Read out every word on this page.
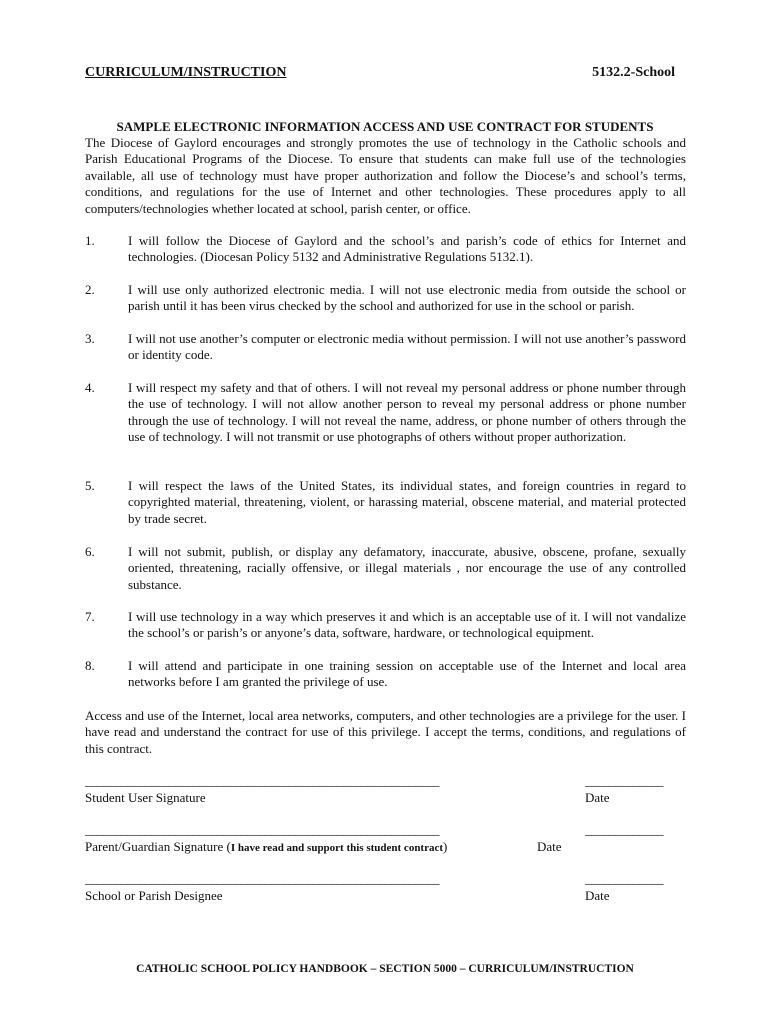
CURRICULUM/INSTRUCTION	5132.2-School
SAMPLE ELECTRONIC INFORMATION ACCESS AND USE CONTRACT FOR STUDENTS
The Diocese of Gaylord encourages and strongly promotes the use of technology in the Catholic schools and Parish Educational Programs of the Diocese. To ensure that students can make full use of the technologies available, all use of technology must have proper authorization and follow the Diocese’s and school’s terms, conditions, and regulations for the use of Internet and other technologies. These procedures apply to all computers/technologies whether located at school, parish center, or office.
1.	I will follow the Diocese of Gaylord and the school’s and parish’s code of ethics for Internet and technologies. (Diocesan Policy 5132 and Administrative Regulations 5132.1).
2.	I will use only authorized electronic media. I will not use electronic media from outside the school or parish until it has been virus checked by the school and authorized for use in the school or parish.
3.	I will not use another’s computer or electronic media without permission. I will not use another’s password or identity code.
4.	I will respect my safety and that of others. I will not reveal my personal address or phone number through the use of technology. I will not allow another person to reveal my personal address or phone number through the use of technology. I will not reveal the name, address, or phone number of others through the use of technology. I will not transmit or use photographs of others without proper authorization.
5.	I will respect the laws of the United States, its individual states, and foreign countries in regard to copyrighted material, threatening, violent, or harassing material, obscene material, and material protected by trade secret.
6.	I will not submit, publish, or display any defamatory, inaccurate, abusive, obscene, profane, sexually oriented, threatening, racially offensive, or illegal materials , nor encourage the use of any controlled substance.
7.	I will use technology in a way which preserves it and which is an acceptable use of it. I will not vandalize the school’s or parish’s or anyone’s data, software, hardware, or technological equipment.
8.	I will attend and participate in one training session on acceptable use of the Internet and local area networks before I am granted the privilege of use.
Access and use of the Internet, local area networks, computers, and other technologies are a privilege for the user. I have read and understand the contract for use of this privilege. I accept the terms, conditions, and regulations of this contract.
___________________________________________________________	_____________
Student User Signature	Date
___________________________________________________________	_____________
Parent/Guardian Signature (I have read and support this student contract)	Date
___________________________________________________________	_____________
School or Parish Designee	Date
CATHOLIC SCHOOL POLICY HANDBOOK – SECTION 5000 – CURRICULUM/INSTRUCTION
